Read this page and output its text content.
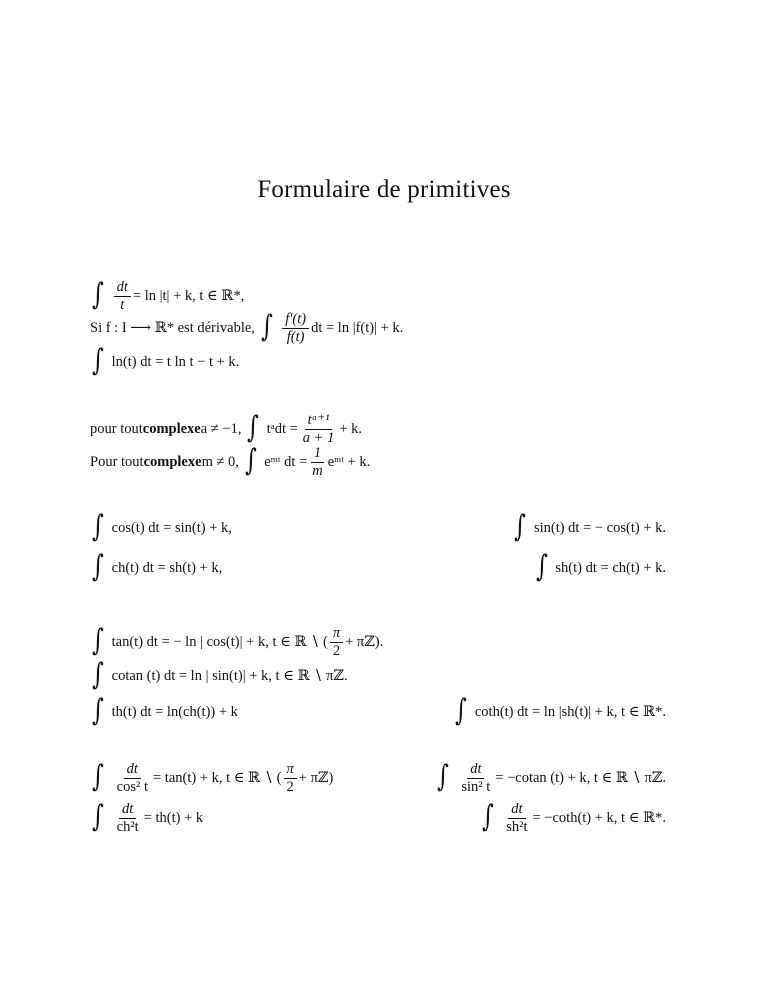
Formulaire de primitives
∫ $\frac{dt}{t} = \ln |t| + k$, t ∈ ℝ*,
Si f : I ⟶ ℝ* est dérivable,
∫ $\frac{f'(t)}{f(t)}$ dt = ln |f(t)| + k.
∫ ln(t) dt = t ln t − t + k.
pour tout complexe a ≠ −1,
∫ tᵃdt = $\frac{\text{tᵃ⁺¹}}{a + 1} + k$.
Pour tout complexe m ≠ 0,
∫ eᵐᵗ dt = $\frac{1}{m}$ eᵐᵗ + k.
∫ cos(t) dt = sin(t) + k,	∫ sin(t) dt = − cos(t) + k.
∫ ch(t) dt = sh(t) + k,	∫ sh(t) dt = ch(t) + k.
∫ tan(t) dt = − ln | cos(t)| + k, t ∈ ℝ ∖ ( $\frac{\pi}{2}$ + πℤ).
∫ cotan (t) dt = ln | sin(t)| + k, t ∈ ℝ ∖ πℤ.
∫ th(t) dt = ln(ch(t)) + k	∫ coth(t) dt = ln |sh(t)| + k, t ∈ ℝ*.
∫ $\frac{dt}{\text{cos² t}} = \tan(t) + k$, t ∈ ℝ ∖ ( $\frac{\pi}{2}$ + πℤ)	∫ $\frac{dt}{\text{sin² t}} = -cotan$ (t) + k, t ∈ ℝ ∖ πℤ.
∫ $\frac{dt}{\text{ch²t}} = th(t) + k$	∫ $\frac{dt}{\text{sh²t}} = -\cot h(t) + k$, t ∈ ℝ*.
